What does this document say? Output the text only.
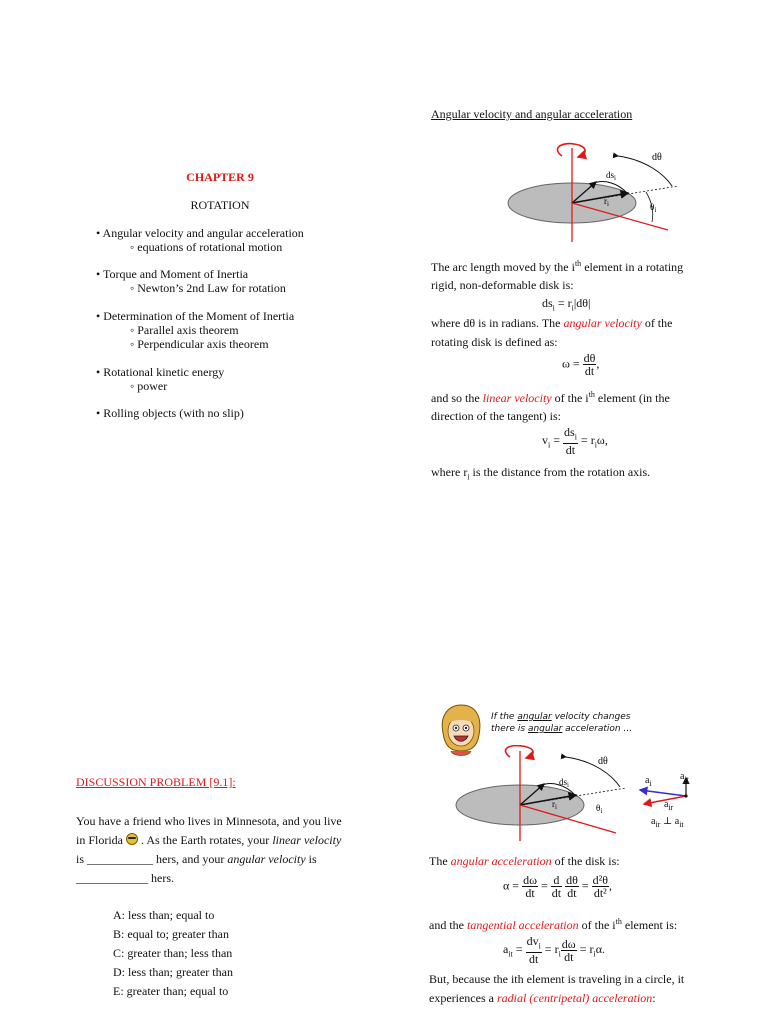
CHAPTER 9
ROTATION
• Angular velocity and angular acceleration
◦ equations of rotational motion
• Torque and Moment of Inertia
◦ Newton’s 2nd Law for rotation
• Determination of the Moment of Inertia
◦ Parallel axis theorem
◦ Perpendicular axis theorem
• Rotational kinetic energy
◦ power
• Rolling objects (with no slip)
DISCUSSION PROBLEM [9.1]:
You have a friend who lives in Minnesota, and you live
in Florida . As the Earth rotates, your linear velocity
is ___________ hers, and your angular velocity is
____________ hers.
A: less than; equal to
B: equal to; greater than
C: greater than; less than
D: less than; greater than
E: greater than; equal to
Angular velocity and angular acceleration
dθ
$ds_i$
$r_i$	$\theta_i$
The arc length moved by the $i^{th}$ element in a rotating
rigid, non-deformable disk is:
$ds_i = r_i|d\theta|$
where dθ is in radians. The angular velocity of the
rotating disk is defined as:
$\omega = \frac{d\theta}{dt}$ ,
and so the linear velocity of the $i^{th}$ element (in the
direction of the tangent) is:
$v_i = \frac{ds_i}{dt} = r_i\omega$,
where $r_i$ is the distance from the rotation axis.
If the angular velocity changes
there is angular acceleration ...
dθ
$ds_i$
$r_i$	$\theta_i$
$a_i$
$a_{it}$
$a_{ir}$
$a_{ir}$ ⊥ $a_{it}$
The angular acceleration of the disk is:
$\alpha = \frac{d\omega}{dt} = \frac{d}{dt}$
$\frac{d\theta}{dt} = \frac{\text{d²θ}}{\text{dt²}}$ ,
and the tangential acceleration of the $i^{th}$ element is:
$a_{it} = \frac{dv_i}{dt} = r_i \frac{d\omega}{dt} = r_i\alpha$.
But, because the ith element is traveling in a circle, it
experiences a radial (centripetal) acceleration:
